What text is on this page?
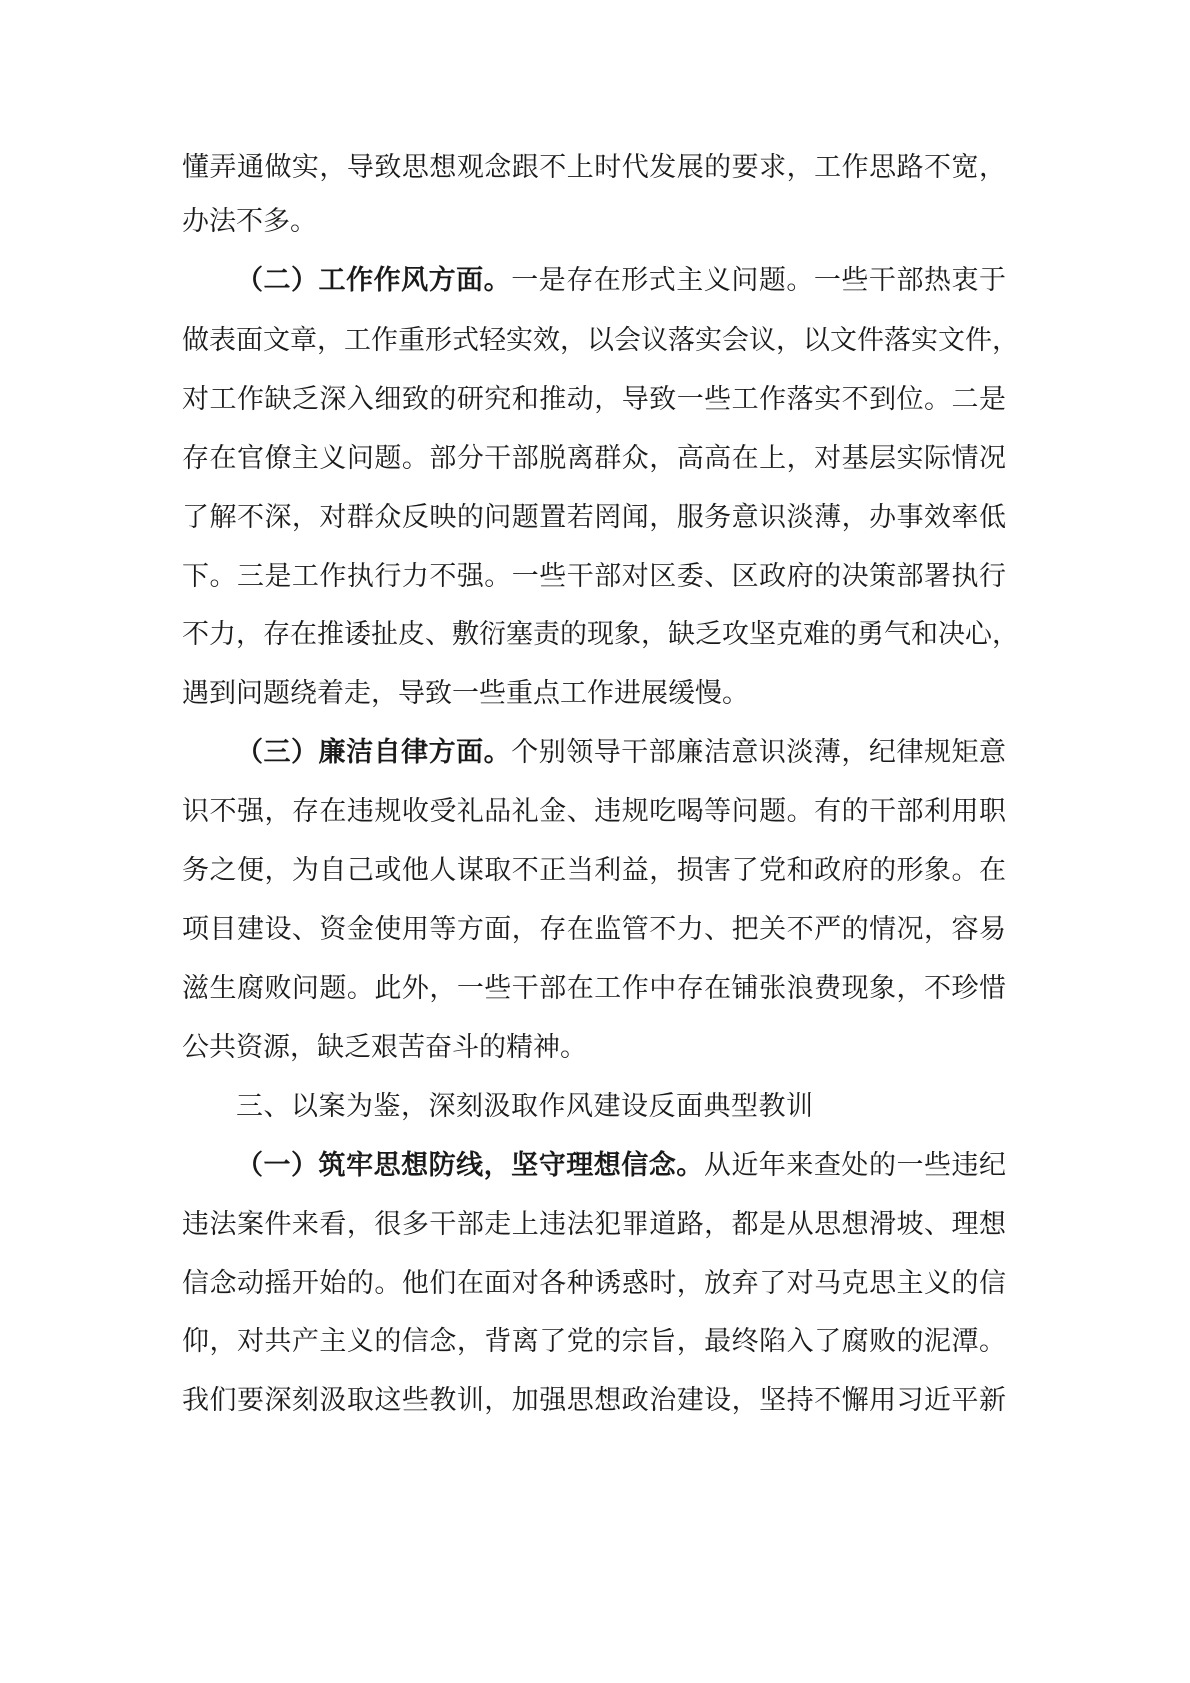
懂弄通做实，导致思想观念跟不上时代发展的要求，工作思路不宽，
办法不多。
（二）工作作风方面。一是存在形式主义问题。一些干部热衷于
做表面文章，工作重形式轻实效，以会议落实会议，以文件落实文件，
对工作缺乏深入细致的研究和推动，导致一些工作落实不到位。二是
存在官僚主义问题。部分干部脱离群众，高高在上，对基层实际情况
了解不深，对群众反映的问题置若罔闻，服务意识淡薄，办事效率低
下。三是工作执行力不强。一些干部对区委、区政府的决策部署执行
不力，存在推诿扯皮、敷衍塞责的现象，缺乏攻坚克难的勇气和决心，
遇到问题绕着走，导致一些重点工作进展缓慢。
（三）廉洁自律方面。个别领导干部廉洁意识淡薄，纪律规矩意
识不强，存在违规收受礼品礼金、违规吃喝等问题。有的干部利用职
务之便，为自己或他人谋取不正当利益，损害了党和政府的形象。在
项目建设、资金使用等方面，存在监管不力、把关不严的情况，容易
滋生腐败问题。此外，一些干部在工作中存在铺张浪费现象，不珍惜
公共资源，缺乏艰苦奋斗的精神。
三、以案为鉴，深刻汲取作风建设反面典型教训
（一）筑牢思想防线，坚守理想信念。从近年来查处的一些违纪
违法案件来看，很多干部走上违法犯罪道路，都是从思想滑坡、理想
信念动摇开始的。他们在面对各种诱惑时，放弃了对马克思主义的信
仰，对共产主义的信念，背离了党的宗旨，最终陷入了腐败的泥潭。
我们要深刻汲取这些教训，加强思想政治建设，坚持不懈用习近平新
